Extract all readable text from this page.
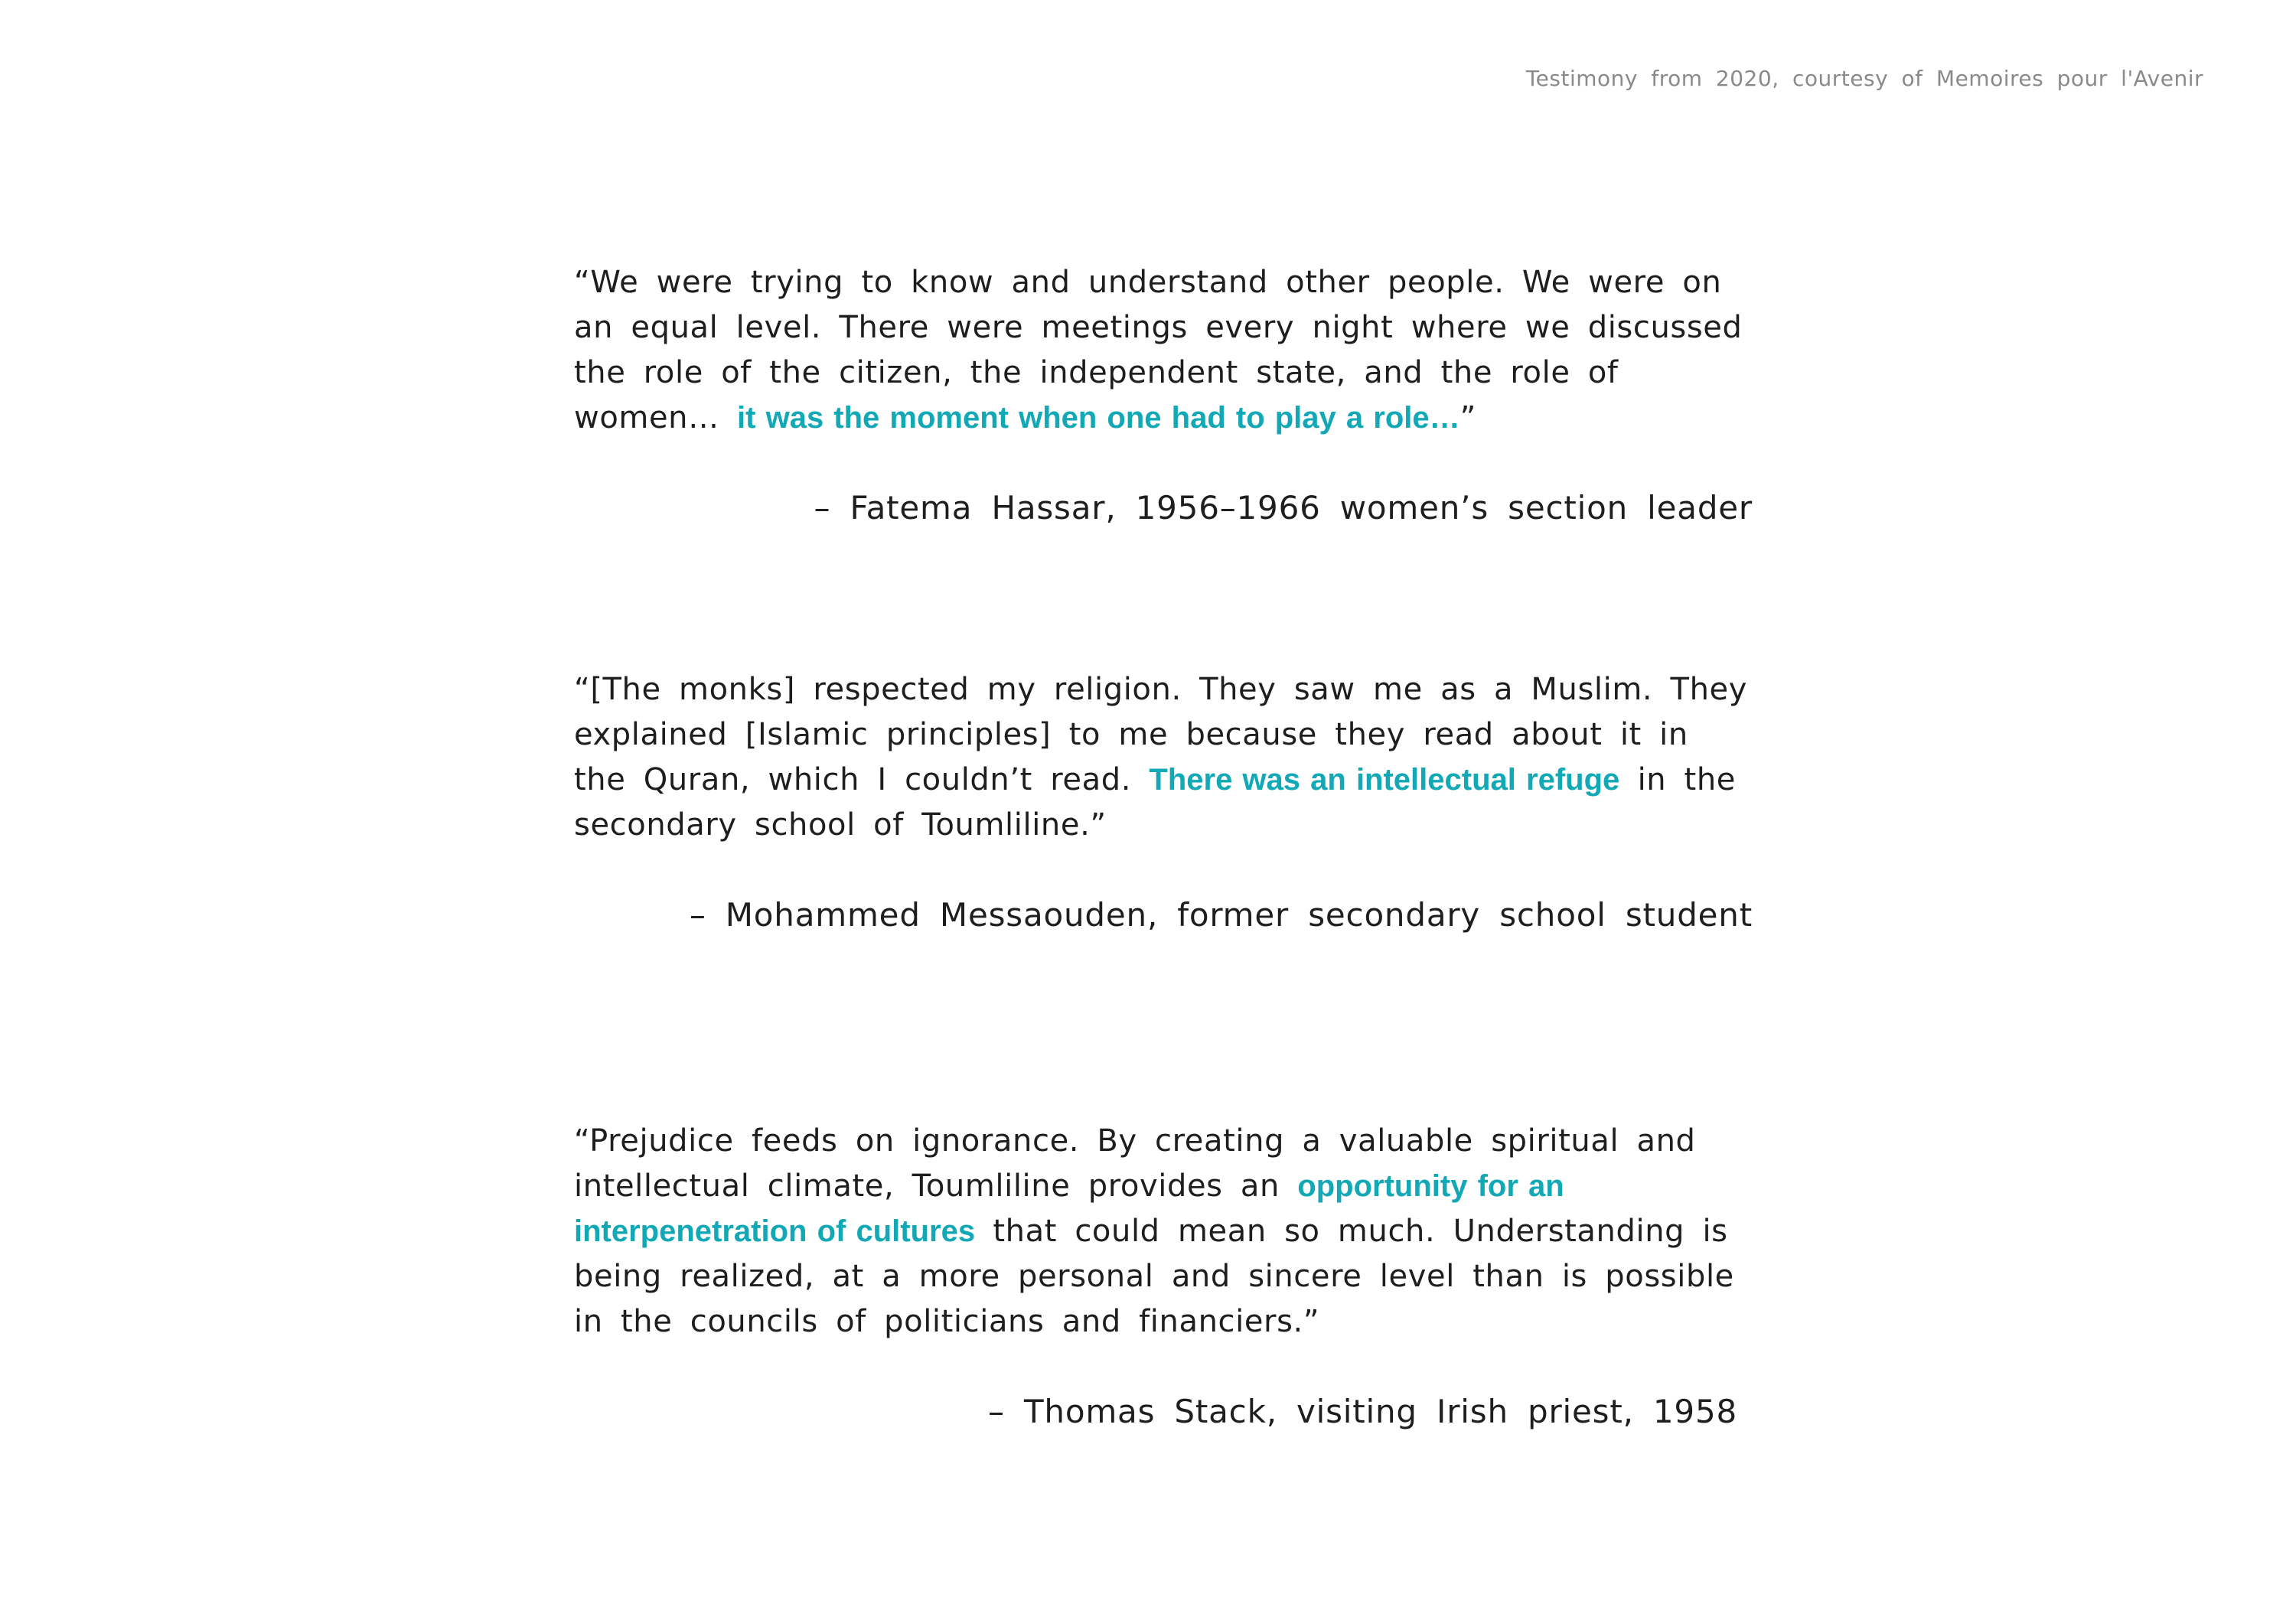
Testimony from 2020, courtesy of Memoires pour l'Avenir

“We were trying to know and understand other people. We were on an equal level. There were meetings every night where we discussed the role of the citizen, the independent state, and the role of women… it was the moment when one had to play a role…”

– Fatema Hassar, 1956–1966 women’s section leader

“[The monks] respected my religion. They saw me as a Muslim. They explained [Islamic principles] to me because they read about it in the Quran, which I couldn’t read. There was an intellectual refuge in the secondary school of Toumliline.”

– Mohammed Messaouden, former secondary school student

“Prejudice feeds on ignorance. By creating a valuable spiritual and intellectual climate, Toumliline provides an opportunity for an interpenetration of cultures that could mean so much. Understanding is being realized, at a more personal and sincere level than is possible in the councils of politicians and financiers.”

– Thomas Stack, visiting Irish priest, 1958
